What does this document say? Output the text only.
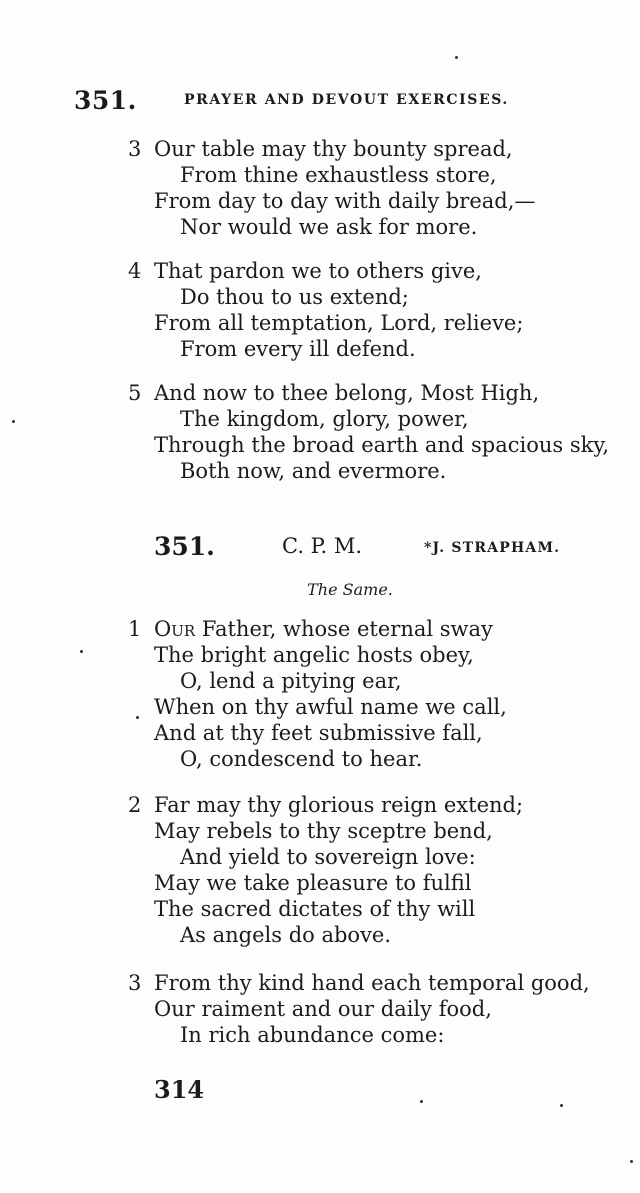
351.	PRAYER AND DEVOUT EXERCISES.
3 Our table may thy bounty spread,
From thine exhaustless store,
From day to day with daily bread,—
Nor would we ask for more.
4 That pardon we to others give,
Do thou to us extend;
From all temptation, Lord, relieve;
From every ill defend.
5 And now to thee belong, Most High,
The kingdom, glory, power,
Through the broad earth and spacious sky,
Both now, and evermore.
351.	C. P. M.	*J. STRAPHAM.
The Same.
1 Our Father, whose eternal sway
The bright angelic hosts obey,
O, lend a pitying ear,
When on thy awful name we call,
And at thy feet submissive fall,
O, condescend to hear.
2 Far may thy glorious reign extend;
May rebels to thy sceptre bend,
And yield to sovereign love:
May we take pleasure to fulfil
The sacred dictates of thy will
As angels do above.
3 From thy kind hand each temporal good,
Our raiment and our daily food,
In rich abundance come:
314
